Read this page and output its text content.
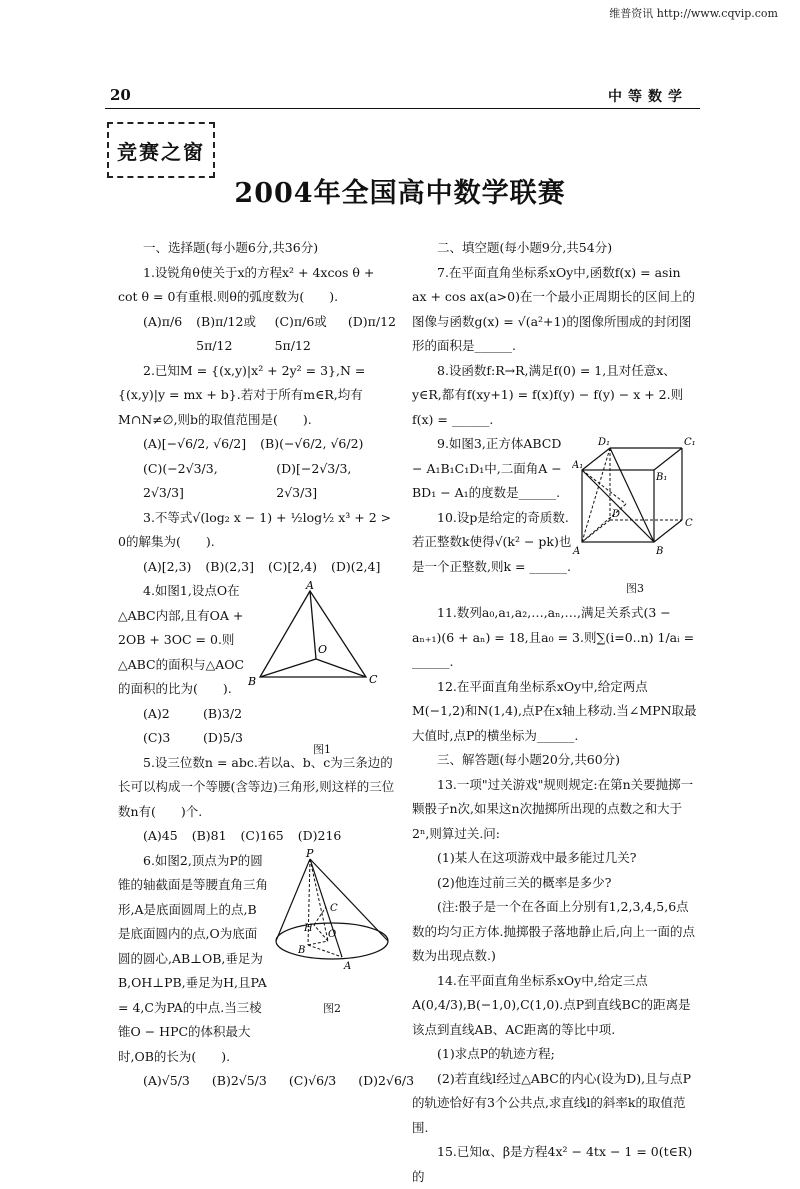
维普资讯 http://www.cqvip.com
20	中等数学
竞赛之窗
2004年全国高中数学联赛

一、选择题(每小题6分,共36分)

1.设锐角θ使关于x的方程x² + 4xcos θ + cot θ = 0有重根.则θ的弧度数为(　　).

(A)π/6 (B)π/12或5π/12
(C)π/6或5π/12
(D)π/12

2.已知M = {(x,y)|x² + 2y² = 3},N = {(x,y)|y = mx + b}.若对于所有m∈R,均有M∩N≠∅,则b的取值范围是(　　).

(A)[−√6/2, √6/2] (B)(−√6/2, √6/2)
(C)(−2√3/3, 2√3/3]
(D)[−2√3/3, 2√3/3]

3.不等式√(log₂ x − 1) + ½log½ x³ + 2 > 0的解集为(　　).

(A)[2,3) (B)(2,3] (C)[2,4) (D)(2,4]

4.如图1,设点O在△ABC内部,且有OA + 2OB + 3OC = 0.则△ABC的面积与△AOC的面积的比为(　　).

(A)2	(B)3/2
(C)3	(D)5/3
A
B	C
O
图1

5.设三位数n = abc.若以a、b、c为三条边的长可以构成一个等腰(含等边)三角形,则这样的三位数n有(　　)个.

(A)45 (B)81 (C)165 (D)216

6.如图2,顶点为P的圆锥的轴截面是等腰直角三角形,A是底面圆周上的点,B是底面圆内的点,O为底面圆的圆心,AB⊥OB,垂足为B,OH⊥PB,垂足为H,且PA = 4,C为PA的中点.当三棱锥O − HPC的体积最大时,OB的长为(　　).

P
C
H
O
B
A
图2
(A)√5/3 (B)2√5/3 (C)√6/3 (D)2√6/3

二、填空题(每小题9分,共54分)

7.在平面直角坐标系xOy中,函数f(x) = asin ax + cos ax(a>0)在一个最小正周期长的区间上的图像与函数g(x) = √(a²+1)的图像所围成的封闭图形的面积是______.

8.设函数f:R→R,满足f(0) = 1,且对任意x、y∈R,都有f(xy+1) = f(x)f(y) − f(y) − x + 2.则f(x) = ______.

9.如图3,正方体ABCD − A₁B₁C₁D₁中,二面角A − BD₁ − A₁的度数是______.

10.设p是给定的奇质数.若正整数k使得√(k² − pk)也是一个正整数,则k = ______.

D₁	C₁
A₁
B₁
D
C
A	B
图3

11.数列a₀,a₁,a₂,…,aₙ,…,满足关系式(3 − aₙ₊₁)(6 + aₙ) = 18,且a₀ = 3.则∑(i=0..n) 1/aᵢ = ______.

12.在平面直角坐标系xOy中,给定两点M(−1,2)和N(1,4),点P在x轴上移动.当∠MPN取最大值时,点P的横坐标为______.

三、解答题(每小题20分,共60分)

13.一项"过关游戏"规则规定:在第n关要抛掷一颗骰子n次,如果这n次抛掷所出现的点数之和大于2ⁿ,则算过关.问:

(1)某人在这项游戏中最多能过几关?

(2)他连过前三关的概率是多少?

(注:骰子是一个在各面上分别有1,2,3,4,5,6点数的均匀正方体.抛掷骰子落地静止后,向上一面的点数为出现点数.)

14.在平面直角坐标系xOy中,给定三点A(0,4/3),B(−1,0),C(1,0).点P到直线BC的距离是该点到直线AB、AC距离的等比中项.

(1)求点P的轨迹方程;

(2)若直线l经过△ABC的内心(设为D),且与点P的轨迹恰好有3个公共点,求直线l的斜率k的取值范围.

15.已知α、β是方程4x² − 4tx − 1 = 0(t∈R)的
